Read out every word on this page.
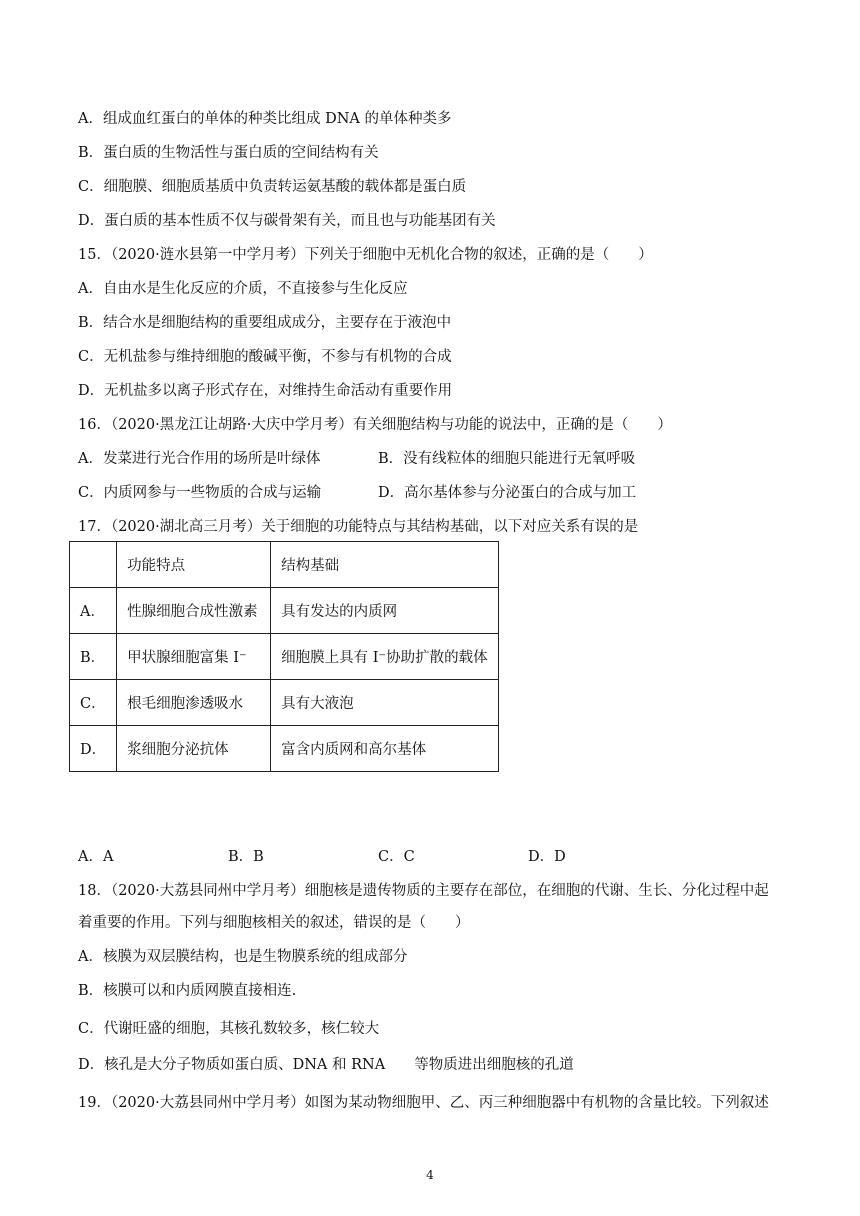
A．组成血红蛋白的单体的种类比组成 DNA 的单体种类多
B．蛋白质的生物活性与蛋白质的空间结构有关
C．细胞膜、细胞质基质中负责转运氨基酸的载体都是蛋白质
D．蛋白质的基本性质不仅与碳骨架有关，而且也与功能基团有关
15．（2020·涟水县第一中学月考）下列关于细胞中无机化合物的叙述，正确的是（　　）
A．自由水是生化反应的介质，不直接参与生化反应
B．结合水是细胞结构的重要组成成分，主要存在于液泡中
C．无机盐参与维持细胞的酸碱平衡，不参与有机物的合成
D．无机盐多以离子形式存在，对维持生命活动有重要作用
16．（2020·黑龙江让胡路·大庆中学月考）有关细胞结构与功能的说法中，正确的是（　　）
A．发菜进行光合作用的场所是叶绿体	B．没有线粒体的细胞只能进行无氧呼吸
C．内质网参与一些物质的合成与运输	D．高尔基体参与分泌蛋白的合成与加工
17．（2020·湖北高三月考）关于细胞的功能特点与其结构基础，以下对应关系有误的是
	功能特点	结构基础
A．	性腺细胞合成性激素	具有发达的内质网
B．	甲状腺细胞富集 I⁻	细胞膜上具有 I⁻协助扩散的载体
C．	根毛细胞渗透吸水	具有大液泡
D．	浆细胞分泌抗体	富含内质网和高尔基体
A．A	B．B	C．C	D．D
18．（2020·大荔县同州中学月考）细胞核是遗传物质的主要存在部位，在细胞的代谢、生长、分化过程中起
着重要的作用。下列与细胞核相关的叙述，错误的是（　　）
A．核膜为双层膜结构，也是生物膜系统的组成部分
B．核膜可以和内质网膜直接相连.
C．代谢旺盛的细胞，其核孔数较多，核仁较大
D．核孔是大分子物质如蛋白质、DNA 和 RNA　　等物质进出细胞核的孔道
19．（2020·大荔县同州中学月考）如图为某动物细胞甲、乙、丙三种细胞器中有机物的含量比较。下列叙述
4
